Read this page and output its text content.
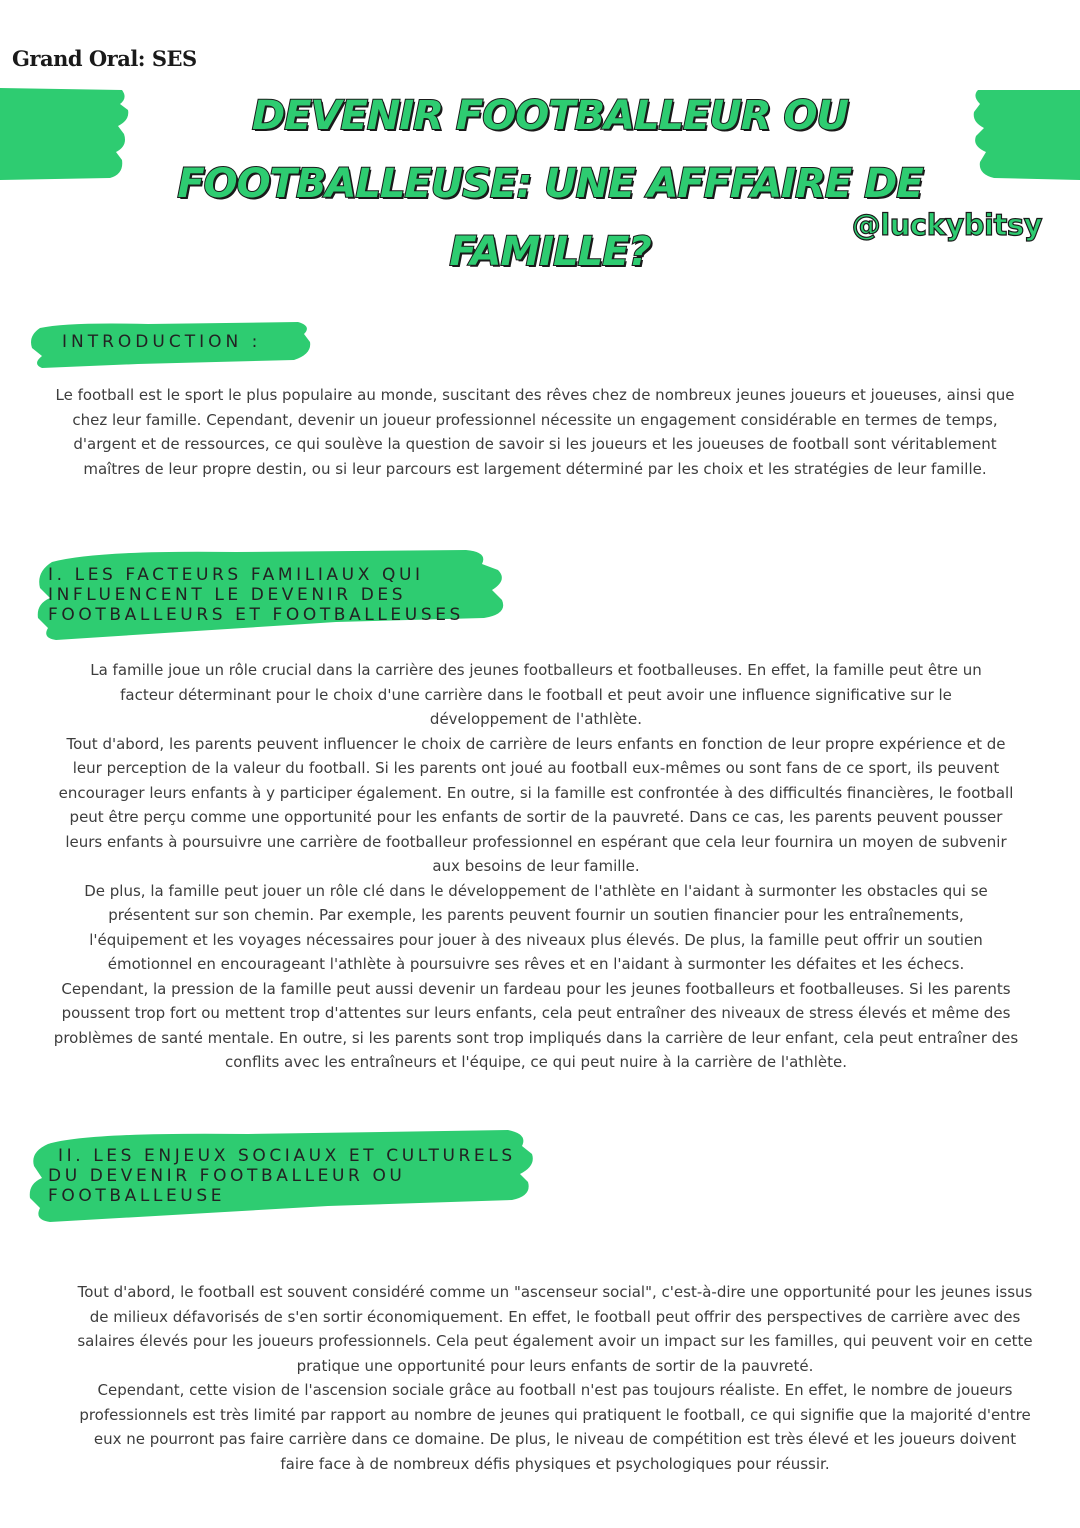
Grand Oral: SES
DEVENIR FOOTBALLEUR OU
FOOTBALLEUSE: UNE AFFFAIRE DE
FAMILLE?
@luckybitsy
INTRODUCTION :

Le football est le sport le plus populaire au monde, suscitant des rêves chez de nombreux jeunes joueurs et joueuses, ainsi que chez leur famille. Cependant, devenir un joueur professionnel nécessite un engagement considérable en termes de temps, d'argent et de ressources, ce qui soulève la question de savoir si les joueurs et les joueuses de football sont véritablement maîtres de leur propre destin, ou si leur parcours est largement déterminé par les choix et les stratégies de leur famille.

I. LES FACTEURS FAMILIAUX QUI
INFLUENCENT LE DEVENIR DES
FOOTBALLEURS ET FOOTBALLEUSES

La famille joue un rôle crucial dans la carrière des jeunes footballeurs et footballeuses. En effet, la famille peut être un facteur déterminant pour le choix d'une carrière dans le football et peut avoir une influence significative sur le développement de l'athlète.

Tout d'abord, les parents peuvent influencer le choix de carrière de leurs enfants en fonction de leur propre expérience et de leur perception de la valeur du football. Si les parents ont joué au football eux-mêmes ou sont fans de ce sport, ils peuvent encourager leurs enfants à y participer également. En outre, si la famille est confrontée à des difficultés financières, le football peut être perçu comme une opportunité pour les enfants de sortir de la pauvreté. Dans ce cas, les parents peuvent pousser leurs enfants à poursuivre une carrière de footballeur professionnel en espérant que cela leur fournira un moyen de subvenir aux besoins de leur famille.

De plus, la famille peut jouer un rôle clé dans le développement de l'athlète en l'aidant à surmonter les obstacles qui se présentent sur son chemin. Par exemple, les parents peuvent fournir un soutien financier pour les entraînements, l'équipement et les voyages nécessaires pour jouer à des niveaux plus élevés. De plus, la famille peut offrir un soutien émotionnel en encourageant l'athlète à poursuivre ses rêves et en l'aidant à surmonter les défaites et les échecs.

Cependant, la pression de la famille peut aussi devenir un fardeau pour les jeunes footballeurs et footballeuses. Si les parents poussent trop fort ou mettent trop d'attentes sur leurs enfants, cela peut entraîner des niveaux de stress élevés et même des problèmes de santé mentale. En outre, si les parents sont trop impliqués dans la carrière de leur enfant, cela peut entraîner des conflits avec les entraîneurs et l'équipe, ce qui peut nuire à la carrière de l'athlète.

II. LES ENJEUX SOCIAUX ET CULTURELS
DU DEVENIR FOOTBALLEUR OU
FOOTBALLEUSE

Tout d'abord, le football est souvent considéré comme un "ascenseur social", c'est-à-dire une opportunité pour les jeunes issus de milieux défavorisés de s'en sortir économiquement. En effet, le football peut offrir des perspectives de carrière avec des salaires élevés pour les joueurs professionnels. Cela peut également avoir un impact sur les familles, qui peuvent voir en cette pratique une opportunité pour leurs enfants de sortir de la pauvreté.

Cependant, cette vision de l'ascension sociale grâce au football n'est pas toujours réaliste. En effet, le nombre de joueurs professionnels est très limité par rapport au nombre de jeunes qui pratiquent le football, ce qui signifie que la majorité d'entre eux ne pourront pas faire carrière dans ce domaine. De plus, le niveau de compétition est très élevé et les joueurs doivent faire face à de nombreux défis physiques et psychologiques pour réussir.
